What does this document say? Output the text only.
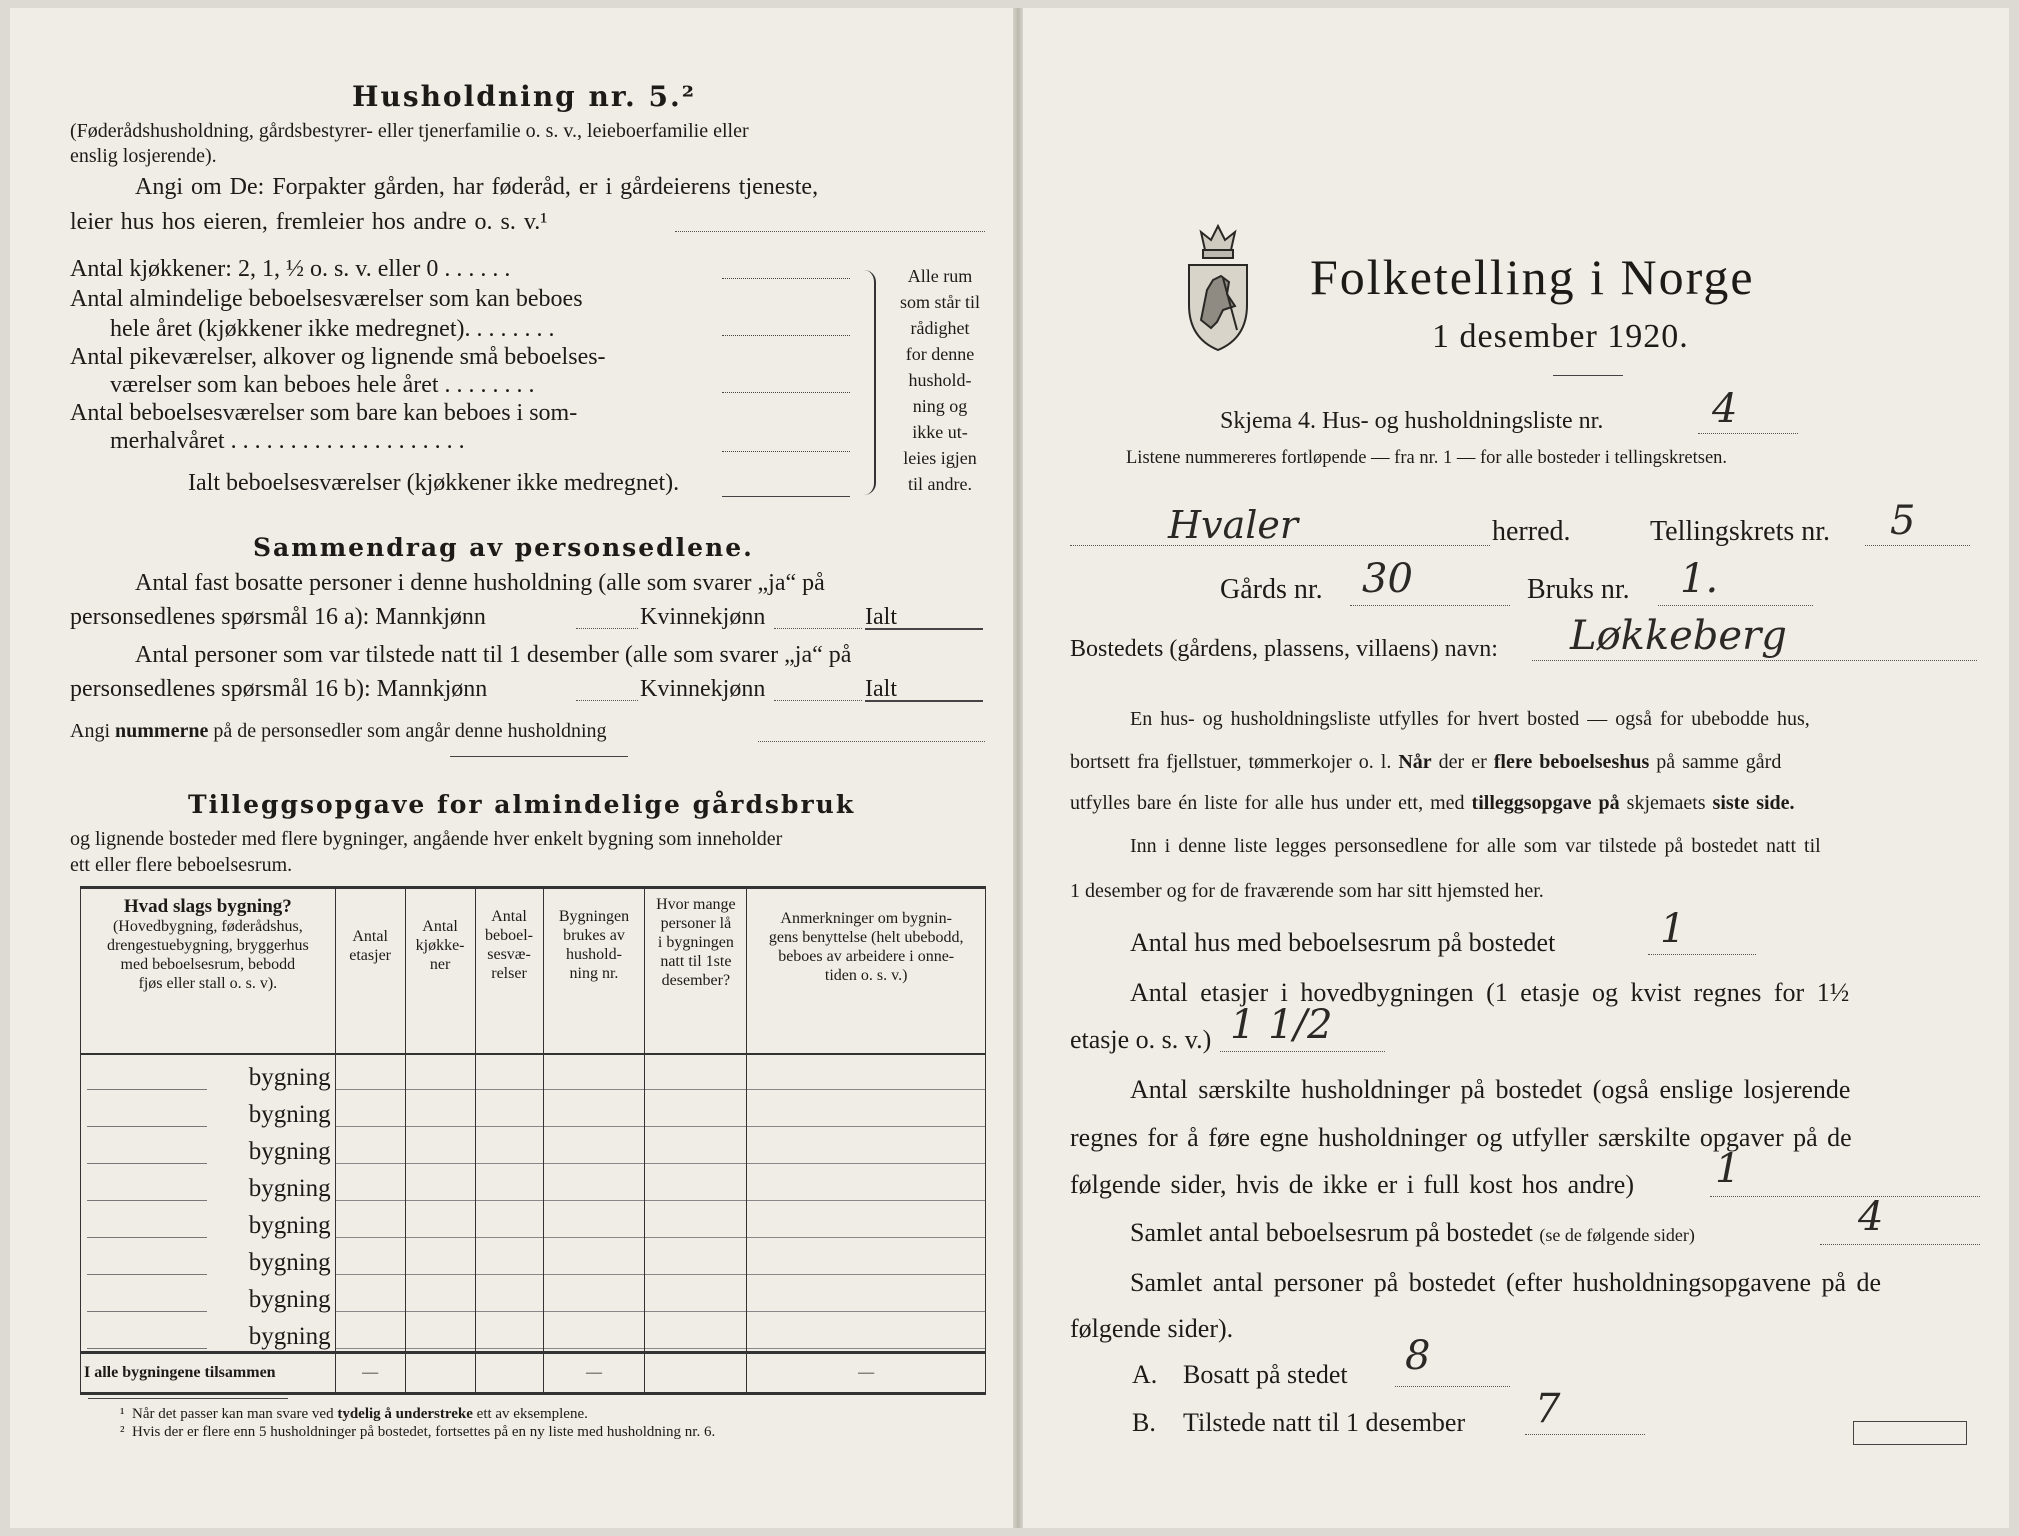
Husholdning nr. 5.²
(Føderådshusholdning, gårdsbestyrer- eller tjenerfamilie o. s. v., leieboerfamilie eller
enslig losjerende).
Angi om De: Forpakter gården, har føderåd, er i gårdeierens tjeneste,
leier hus hos eieren, fremleier hos andre o. s. v.¹
Antal kjøkkener: 2, 1, ½ o. s. v. eller 0 . . . . . .
Antal almindelige beboelsesværelser som kan beboes
hele året (kjøkkener ikke medregnet). . . . . . . .
Antal pikeværelser, alkover og lignende små beboelses-
værelser som kan beboes hele året . . . . . . . .
Antal beboelsesværelser som bare kan beboes i som-
merhalvåret . . . . . . . . . . . . . . . . . . . .
Ialt beboelsesværelser (kjøkkener ikke medregnet).
Alle rum
som står til
rådighet
for denne
hushold-
ning og
ikke ut-
leies igjen
til andre.
Sammendrag av personsedlene.
Antal fast bosatte personer i denne husholdning (alle som svarer „ja“ på
personsedlenes spørsmål 16 a): Mannkjønn	Kvinnekjønn	Ialt
Antal personer som var tilstede natt til 1 desember (alle som svarer „ja“ på
personsedlenes spørsmål 16 b): Mannkjønn	Kvinnekjønn	Ialt
Angi nummerne på de personsedler som angår denne husholdning
Tilleggsopgave for almindelige gårdsbruk
og lignende bosteder med flere bygninger, angående hver enkelt bygning som inneholder
ett eller flere beboelsesrum.
Hvad slags bygning?
(Hovedbygning, føderådshus,
drengestuebygning, bryggerhus
med beboelsesrum, bebodd
fjøs eller stall o. s. v).	Antal
etasjer	Antal
kjøkke-
ner	Antal
beboel-
sesvæ-
relser	Bygningen
brukes av
hushold-
ning nr.	Hvor mange
personer lå
i bygningen
natt til 1ste
desember?	Anmerkninger om bygnin-
gens benyttelse (helt ubebodd,
beboes av arbeidere i onne-
tiden o. s. v.)
bygning						
bygning						
bygning						
bygning						
bygning						
bygning						
bygning						
bygning						
I alle bygningene tilsammen	—			—		—
¹ Når det passer kan man svare ved tydelig å understreke ett av eksemplene.
² Hvis der er flere enn 5 husholdninger på bostedet, fortsettes på en ny liste med husholdning nr. 6.
Folketelling i Norge
1 desember 1920.
Skjema 4. Hus- og husholdningsliste nr.	4
Listene nummereres fortløpende — fra nr. 1 — for alle bosteder i tellingskretsen.
Hvaler	herred.	Tellingskrets nr. 5
Gårds nr. 30	Bruks nr. 1.
Bostedets (gårdens, plassens, villaens) navn: Løkkeberg
En hus- og husholdningsliste utfylles for hvert bosted — også for ubebodde hus,
bortsett fra fjellstuer, tømmerkojer o. l. Når der er flere beboelseshus på samme gård
utfylles bare én liste for alle hus under ett, med tilleggsopgave på skjemaets siste side.
Inn i denne liste legges personsedlene for alle som var tilstede på bostedet natt til
1 desember og for de fraværende som har sitt hjemsted her.
Antal hus med beboelsesrum på bostedet	1
Antal etasjer i hovedbygningen (1 etasje og kvist regnes for 1½
etasje o. s. v.) 1 1/2
Antal særskilte husholdninger på bostedet (også enslige losjerende
regnes for å føre egne husholdninger og utfyller særskilte opgaver på de
følgende sider, hvis de ikke er i full kost hos andre) 1
Samlet antal beboelsesrum på bostedet (se de følgende sider)	4
Samlet antal personer på bostedet (efter husholdningsopgavene på de
følgende sider).
A. Bosatt på stedet 8
B. Tilstede natt til 1 desember 7
